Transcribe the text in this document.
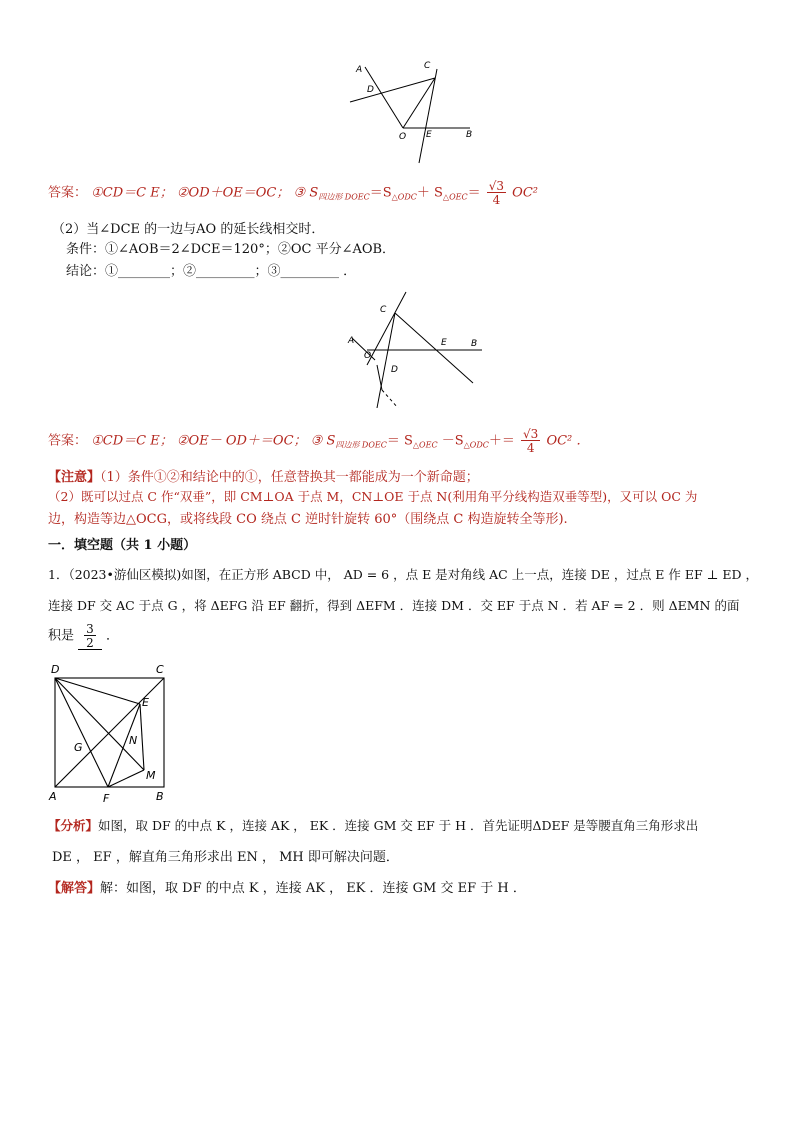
A	C
D
O E	B
答案： ①CD＝C E； ②OD＋OE＝OC； ③ $S_{四边形 DOEC}=S_{\triangle ODC}+ S_{\triangle OEC}= \frac{√3}{4} OC^2$
（2）当∠DCE 的一边与AO 的延长线相交时．
条件：①∠AOB＝2∠DCE＝120°；②OC 平分∠AOB．
结论：①________；②_________；③_________ ．
C
A
O
E	B
D
答案： ①CD＝C E； ②OE－ OD＋＝OC； ③ $S_{四边形 DOEC}= S_{\triangle OEC} -S_{\triangle ODC}+= \frac{√3}{4} OC^2$ ．
【注意】（1）条件①②和结论中的①，任意替换其一都能成为一个新命题；
（2）既可以过点 C 作“双垂”，即 CM⊥OA 于点 M，CN⊥OE 于点 N(利用角平分线构造双垂等型)，又可以 OC 为
边，构造等边△OCG，或将线段 CO 绕点 C 逆时针旋转 60°（围绕点 C 构造旋转全等形).
一．填空题（共 1 小题）
1．（2023•游仙区模拟)如图，在正方形 ABCD 中， AD = 6 ，点 E 是对角线 AC 上一点，连接 DE ，过点 E 作 EF ⊥ ED ，
连接 DF 交 AC 于点 G ，将 ΔEFG 沿 EF 翻折，得到 ΔEFM ．连接 DM ．交 EF 于点 N ．若 AF = 2 ．则 ΔEMN 的面
积是 $\frac{3}{2}$ ．
D	C
E
G
N
M
A	F	B
【分析】如图，取 DF 的中点 K ，连接 AK ， EK ．连接 GM 交 EF 于 H ．首先证明ΔDEF 是等腰直角三角形求出
DE ， EF ，解直角三角形求出 EN ， MH 即可解决问题．
【解答】解：如图，取 DF 的中点 K ，连接 AK ， EK ．连接 GM 交 EF 于 H ．
